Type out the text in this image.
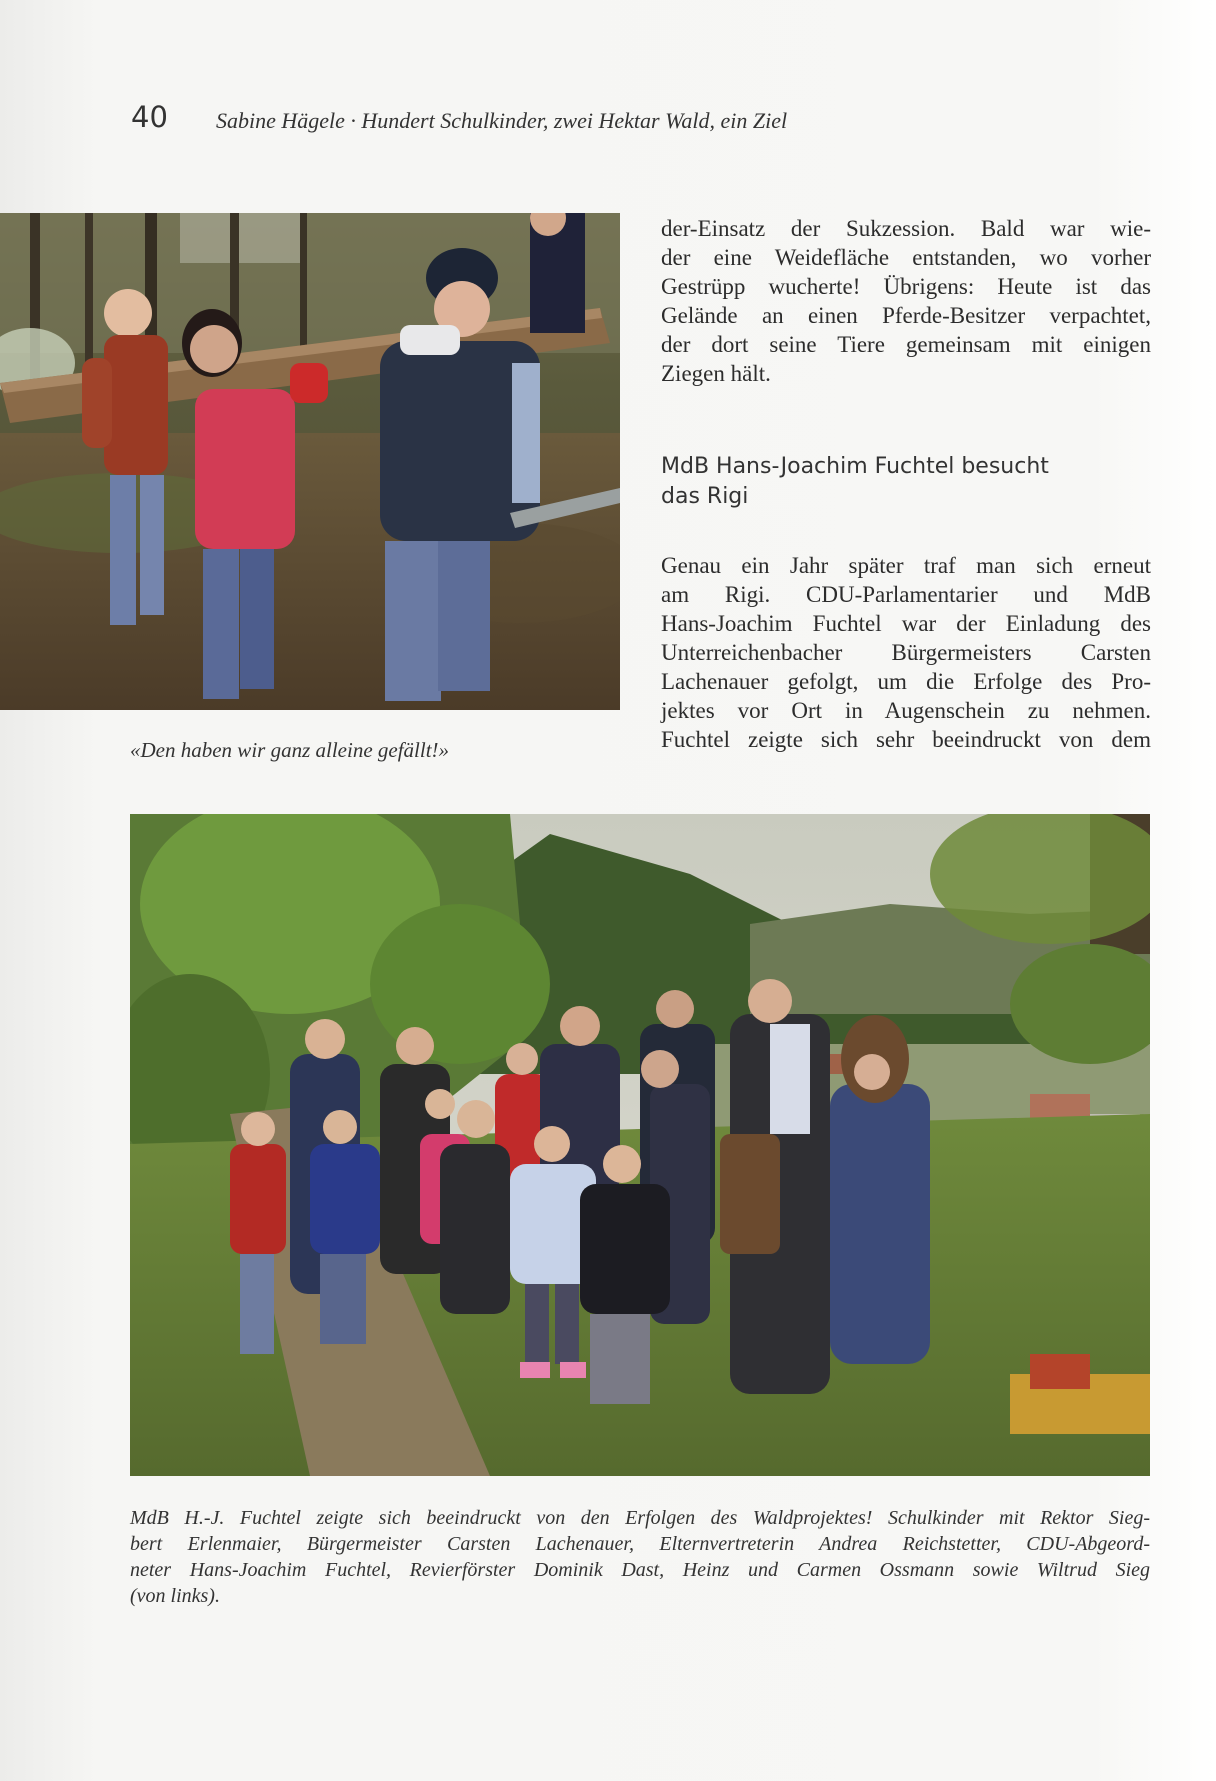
40 Sabine Hägele · Hundert Schulkinder, zwei Hektar Wald, ein Ziel
«Den haben wir ganz alleine gefällt!»
der-Einsatz der Sukzession. Bald war wie-
der eine Weidefläche entstanden, wo vorher
Gestrüpp wucherte! Übrigens: Heute ist das
Gelände an einen Pferde-Besitzer verpachtet,
der dort seine Tiere gemeinsam mit einigen
Ziegen hält.
MdB Hans-Joachim Fuchtel besucht
das Rigi
Genau ein Jahr später traf man sich erneut
am Rigi. CDU-Parlamentarier und MdB
Hans-Joachim Fuchtel war der Einladung des
Unterreichenbacher Bürgermeisters Carsten
Lachenauer gefolgt, um die Erfolge des Pro-
jektes vor Ort in Augenschein zu nehmen.
Fuchtel zeigte sich sehr beeindruckt von dem
MdB H.-J. Fuchtel zeigte sich beeindruckt von den Erfolgen des Waldprojektes! Schulkinder mit Rektor Sieg-
bert Erlenmaier, Bürgermeister Carsten Lachenauer, Elternvertreterin Andrea Reichstetter, CDU-Abgeord-
neter Hans-Joachim Fuchtel, Revierförster Dominik Dast, Heinz und Carmen Ossmann sowie Wiltrud Sieg
(von links).
